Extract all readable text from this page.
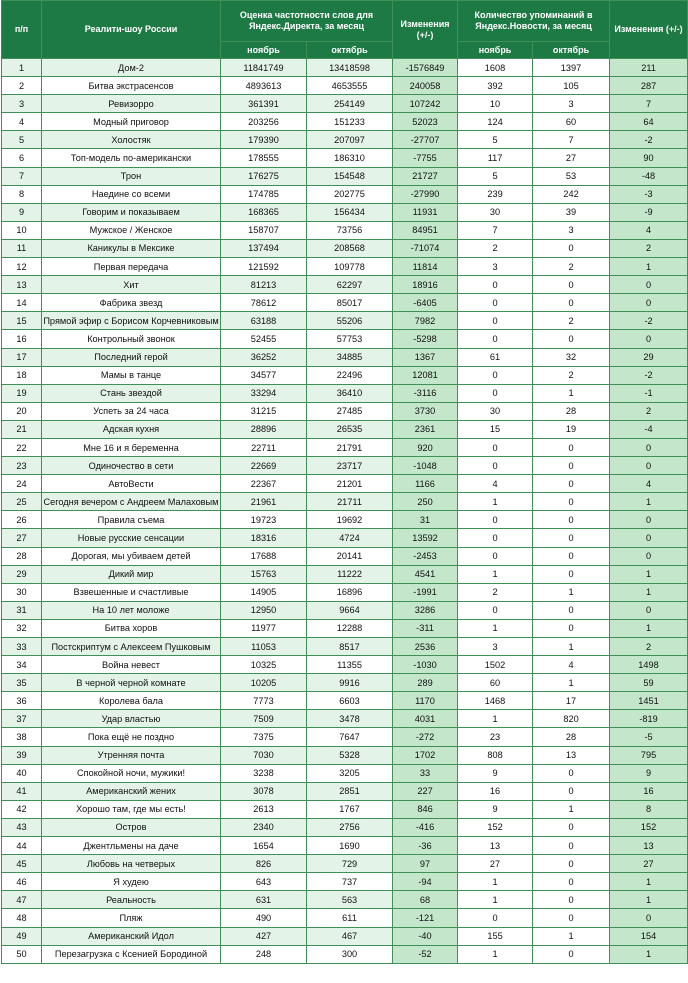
п/п	Реалити-шоу России	Оценка частотности слов для Яндекс.Директа, за месяц		Изменения (+/-)	Количество упоминаний в Яндекс.Новости, за месяц		Изменения (+/-)
		ноябрь	октябрь		ноябрь	октябрь	
1	Дом-2	11841749	13418598	-1576849	1608	1397	211
2	Битва экстрасенсов	4893613	4653555	240058	392	105	287
3	Ревизорро	361391	254149	107242	10	3	7
4	Модный приговор	203256	151233	52023	124	60	64
5	Холостяк	179390	207097	-27707	5	7	-2
6	Топ-модель по-американски	178555	186310	-7755	117	27	90
7	Трон	176275	154548	21727	5	53	-48
8	Наедине со всеми	174785	202775	-27990	239	242	-3
9	Говорим и показываем	168365	156434	11931	30	39	-9
10	Мужское / Женское	158707	73756	84951	7	3	4
11	Каникулы в Мексике	137494	208568	-71074	2	0	2
12	Первая передача	121592	109778	11814	3	2	1
13	Хит	81213	62297	18916	0	0	0
14	Фабрика звезд	78612	85017	-6405	0	0	0
15	Прямой эфир с Борисом Корчевниковым	63188	55206	7982	0	2	-2
16	Контрольный звонок	52455	57753	-5298	0	0	0
17	Последний герой	36252	34885	1367	61	32	29
18	Мамы в танце	34577	22496	12081	0	2	-2
19	Стань звездой	33294	36410	-3116	0	1	-1
20	Успеть за 24 часа	31215	27485	3730	30	28	2
21	Адская кухня	28896	26535	2361	15	19	-4
22	Мне 16 и я беременна	22711	21791	920	0	0	0
23	Одиночество в сети	22669	23717	-1048	0	0	0
24	АвтоВести	22367	21201	1166	4	0	4
25	Сегодня вечером с Андреем Малаховым	21961	21711	250	1	0	1
26	Правила съема	19723	19692	31	0	0	0
27	Новые русские сенсации	18316	4724	13592	0	0	0
28	Дорогая, мы убиваем детей	17688	20141	-2453	0	0	0
29	Дикий мир	15763	11222	4541	1	0	1
30	Взвешенные и счастливые	14905	16896	-1991	2	1	1
31	На 10 лет моложе	12950	9664	3286	0	0	0
32	Битва хоров	11977	12288	-311	1	0	1
33	Постскриптум с Алексеем Пушковым	11053	8517	2536	3	1	2
34	Война невест	10325	11355	-1030	1502	4	1498
35	В черной черной комнате	10205	9916	289	60	1	59
36	Королева бала	7773	6603	1170	1468	17	1451
37	Удар властью	7509	3478	4031	1	820	-819
38	Пока ещё не поздно	7375	7647	-272	23	28	-5
39	Утренняя почта	7030	5328	1702	808	13	795
40	Спокойной ночи, мужики!	3238	3205	33	9	0	9
41	Американский жених	3078	2851	227	16	0	16
42	Хорошо там, где мы есть!	2613	1767	846	9	1	8
43	Остров	2340	2756	-416	152	0	152
44	Джентльмены на даче	1654	1690	-36	13	0	13
45	Любовь на четверых	826	729	97	27	0	27
46	Я худею	643	737	-94	1	0	1
47	Реальность	631	563	68	1	0	1
48	Пляж	490	611	-121	0	0	0
49	Американский Идол	427	467	-40	155	1	154
50	Перезагрузка с Ксенией Бородиной	248	300	-52	1	0	1
